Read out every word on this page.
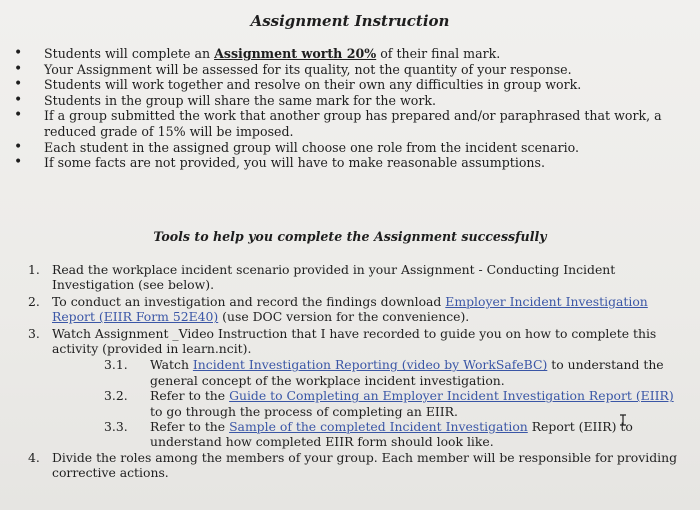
Assignment Instruction
•	Students will complete an Assignment worth 20% of their final mark.
•	Your Assignment will be assessed for its quality, not the quantity of your response.
•	Students will work together and resolve on their own any difficulties in group work.
•	Students in the group will share the same mark for the work.
•	If a group submitted the work that another group has prepared and/or paraphrased that work, a reduced grade of 15% will be imposed.
•	Each student in the assigned group will choose one role from the incident scenario.
•	If some facts are not provided, you will have to make reasonable assumptions.
Tools to help you complete the Assignment successfully
1. Read the workplace incident scenario provided in your Assignment - Conducting Incident Investigation (see below).
2. To conduct an investigation and record the findings download Employer Incident Investigation Report (EIIR Form 52E40) (use DOC version for the convenience).
3. Watch Assignment _Video Instruction that I have recorded to guide you on how to complete this activity (provided in learn.ncit).
3.1.	Watch Incident Investigation Reporting (video by WorkSafeBC) to understand the general concept of the workplace incident investigation.
3.2.	Refer to the Guide to Completing an Employer Incident Investigation Report (EIIR) to go through the process of completing an EIIR.
3.3.	Refer to the Sample of the completed Incident Investigation Report (EIIR) to understand how completed EIIR form should look like.
4. Divide the roles among the members of your group. Each member will be responsible for providing corrective actions.
